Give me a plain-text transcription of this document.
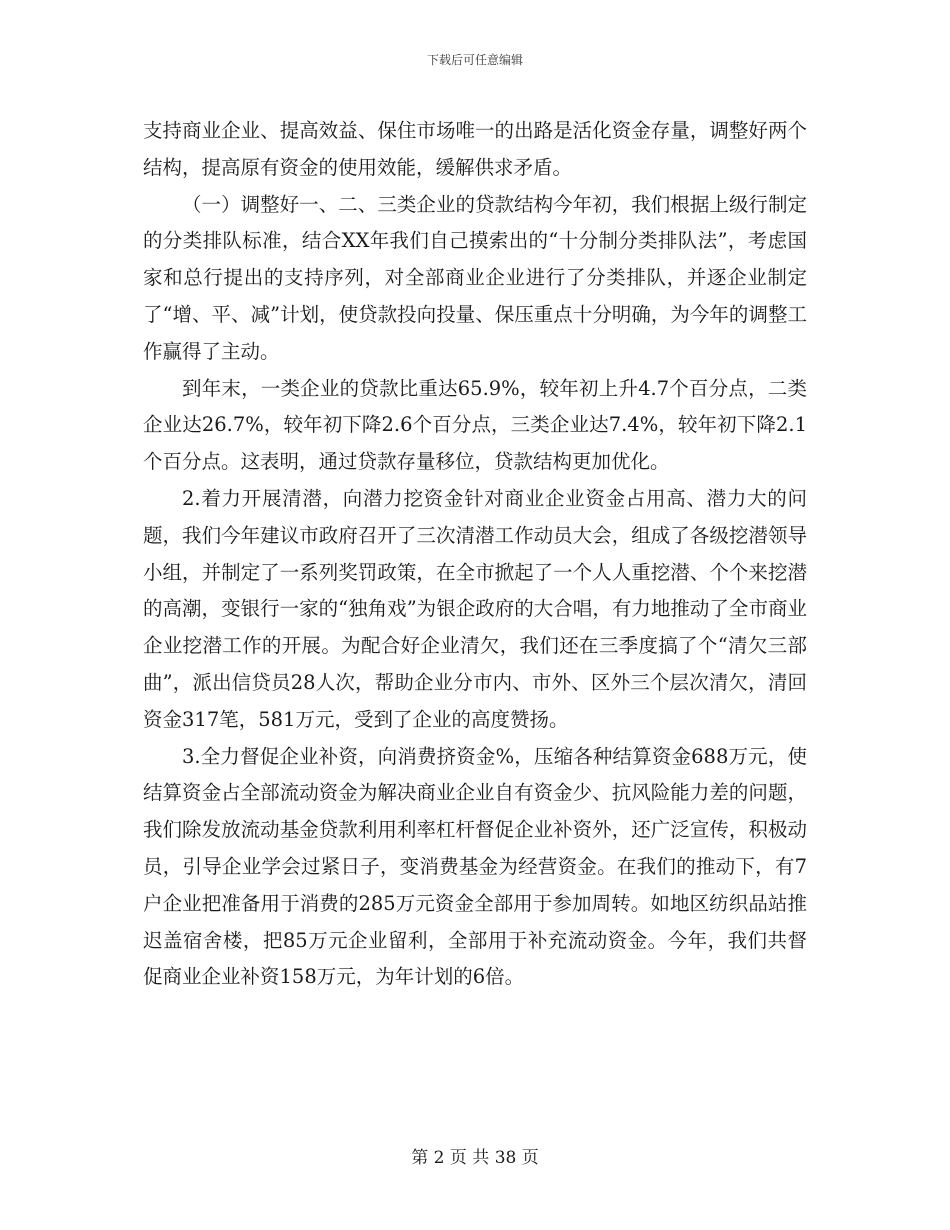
下载后可任意编辑

支持商业企业、提高效益、保住市场唯一的出路是活化资金存量，调整好两个结构，提高原有资金的使用效能，缓解供求矛盾。

（一）调整好一、二、三类企业的贷款结构今年初，我们根据上级行制定的分类排队标准，结合XX年我们自己摸索出的“十分制分类排队法”，考虑国家和总行提出的支持序列，对全部商业企业进行了分类排队，并逐企业制定了“增、平、减”计划，使贷款投向投量、保压重点十分明确，为今年的调整工作赢得了主动。

到年末，一类企业的贷款比重达65.9%，较年初上升4.7个百分点，二类企业达26.7%，较年初下降2.6个百分点，三类企业达7.4%，较年初下降2.1个百分点。这表明，通过贷款存量移位，贷款结构更加优化。

2.着力开展清潜，向潜力挖资金针对商业企业资金占用高、潜力大的问题，我们今年建议市政府召开了三次清潜工作动员大会，组成了各级挖潜领导小组，并制定了一系列奖罚政策，在全市掀起了一个人人重挖潜、个个来挖潜的高潮，变银行一家的“独角戏”为银企政府的大合唱，有力地推动了全市商业企业挖潜工作的开展。为配合好企业清欠，我们还在三季度搞了个“清欠三部曲”，派出信贷员28人次，帮助企业分市内、市外、区外三个层次清欠，清回资金317笔，581万元，受到了企业的高度赞扬。

3.全力督促企业补资，向消费挤资金%，压缩各种结算资金688万元，使结算资金占全部流动资金为解决商业企业自有资金少、抗风险能力差的问题，我们除发放流动基金贷款利用利率杠杆督促企业补资外，还广泛宣传，积极动员，引导企业学会过紧日子，变消费基金为经营资金。在我们的推动下，有7户企业把准备用于消费的285万元资金全部用于参加周转。如地区纺织品站推迟盖宿舍楼，把85万元企业留利，全部用于补充流动资金。今年，我们共督促商业企业补资158万元，为年计划的6倍。

第 2 页 共 38 页
